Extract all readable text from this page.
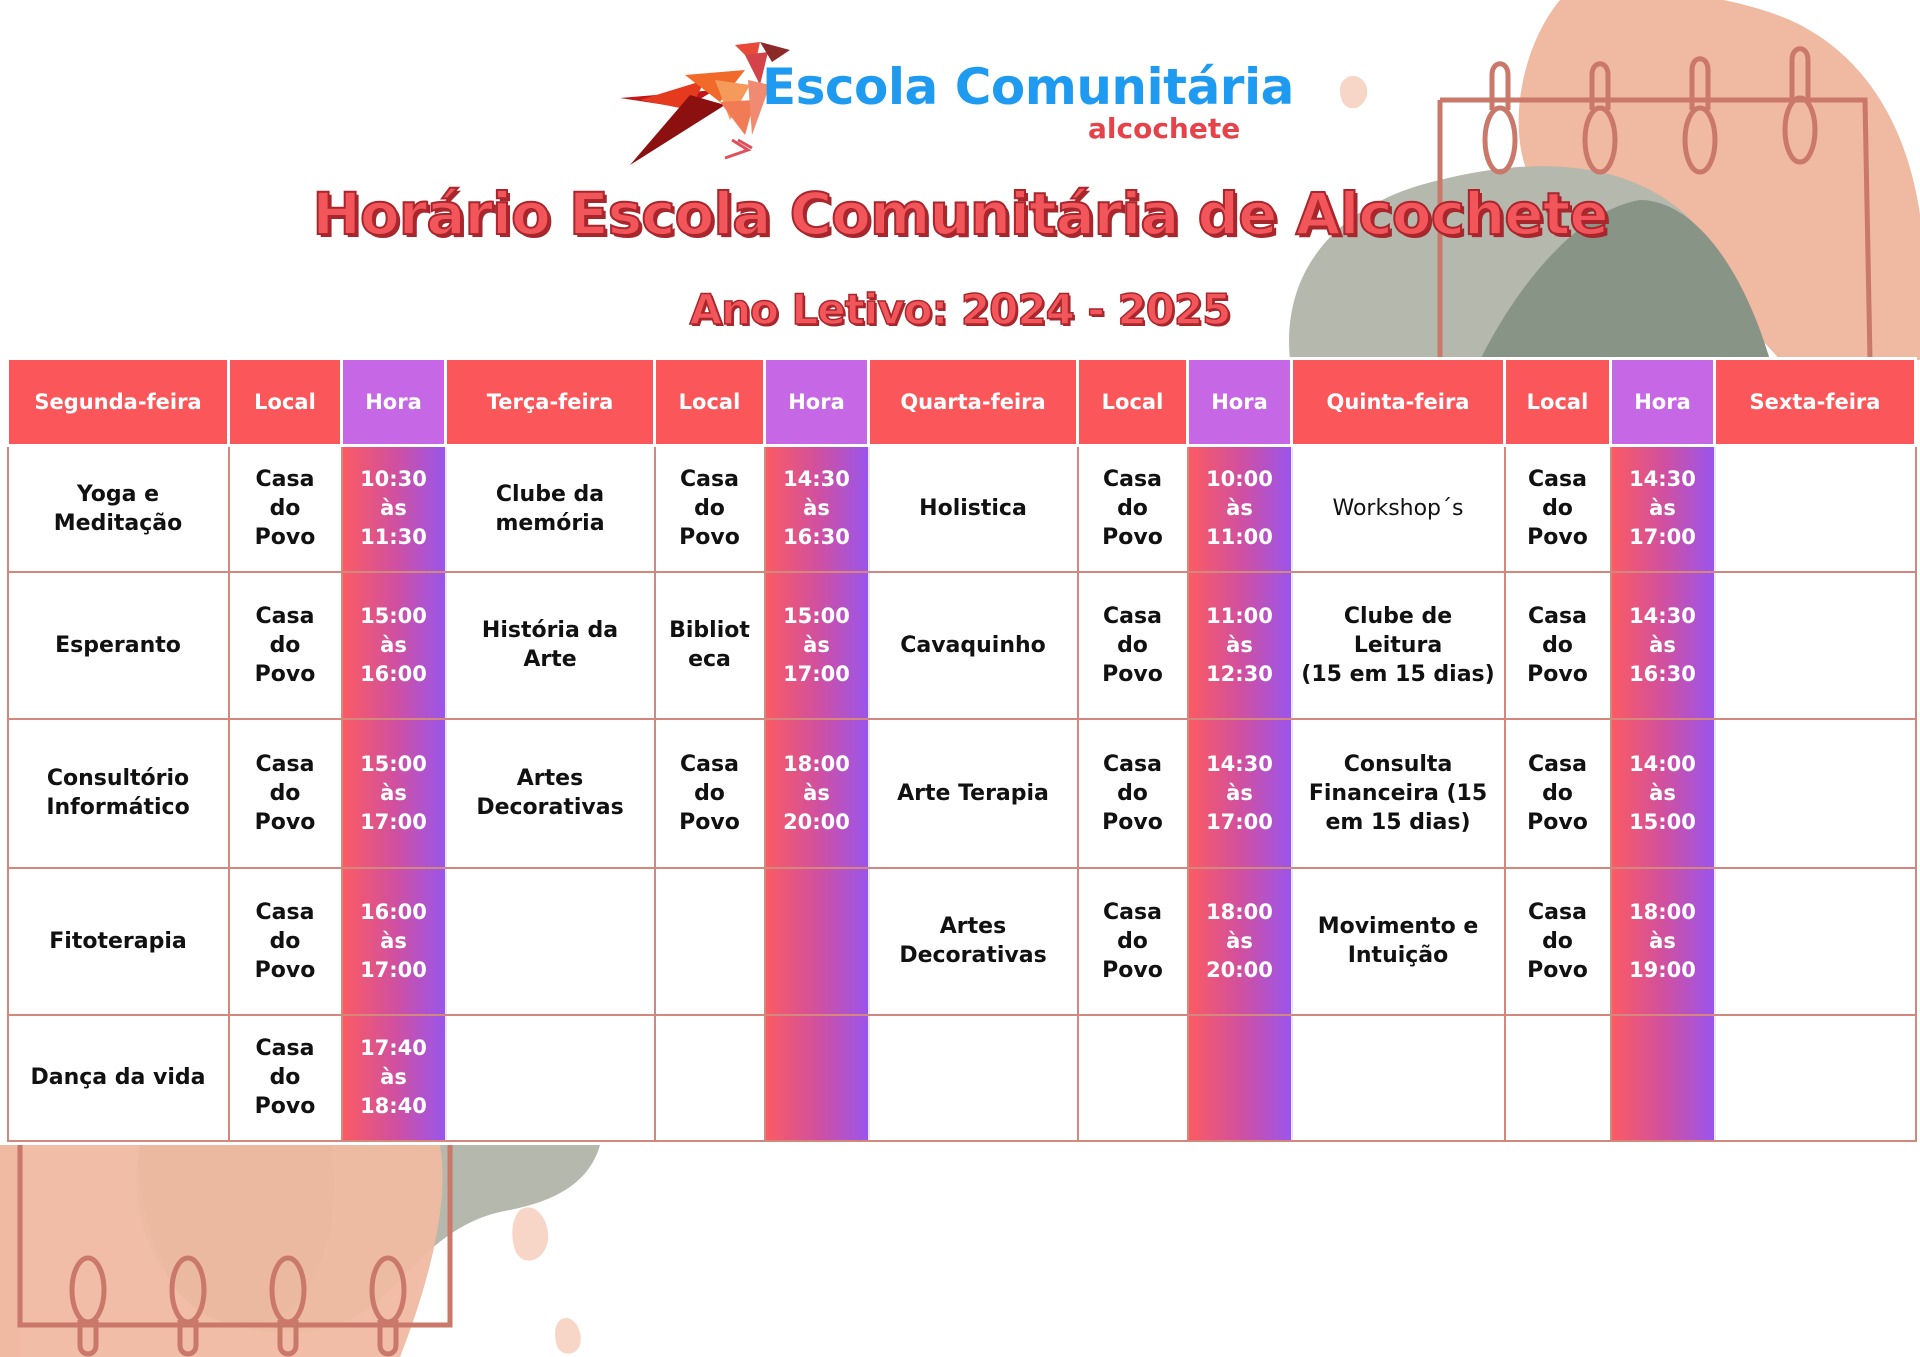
Escola Comunitária
alcochete
Horário Escola Comunitária de Alcochete
Ano Letivo: 2024 - 2025
Segunda-feira	Local	Hora	Terça-feira	Local	Hora	Quarta-feira	Local	Hora	Quinta-feira	Local	Hora	Sexta-feira
Yoga e
Meditação	Casa
do
Povo	10:30
às
11:30	Clube da
memória	Casa
do
Povo	14:30
às
16:30	Holistica	Casa
do
Povo	10:00
às
11:00	Workshop´s	Casa
do
Povo	14:30
às
17:00	
Esperanto	Casa
do
Povo	15:00
às
16:00	História da
Arte	Bibliot
eca	15:00
às
17:00	Cavaquinho	Casa
do
Povo	11:00
às
12:30	Clube de
Leitura
(15 em 15 dias)	Casa
do
Povo	14:30
às
16:30	
Consultório
Informático	Casa
do
Povo	15:00
às
17:00	Artes
Decorativas	Casa
do
Povo	18:00
às
20:00	Arte Terapia	Casa
do
Povo	14:30
às
17:00	Consulta
Financeira (15
em 15 dias)	Casa
do
Povo	14:00
às
15:00	
Fitoterapia	Casa
do
Povo	16:00
às
17:00				Artes
Decorativas	Casa
do
Povo	18:00
às
20:00	Movimento e
Intuição	Casa
do
Povo	18:00
às
19:00	
Dança da vida	Casa
do
Povo	17:40
às
18:40										
